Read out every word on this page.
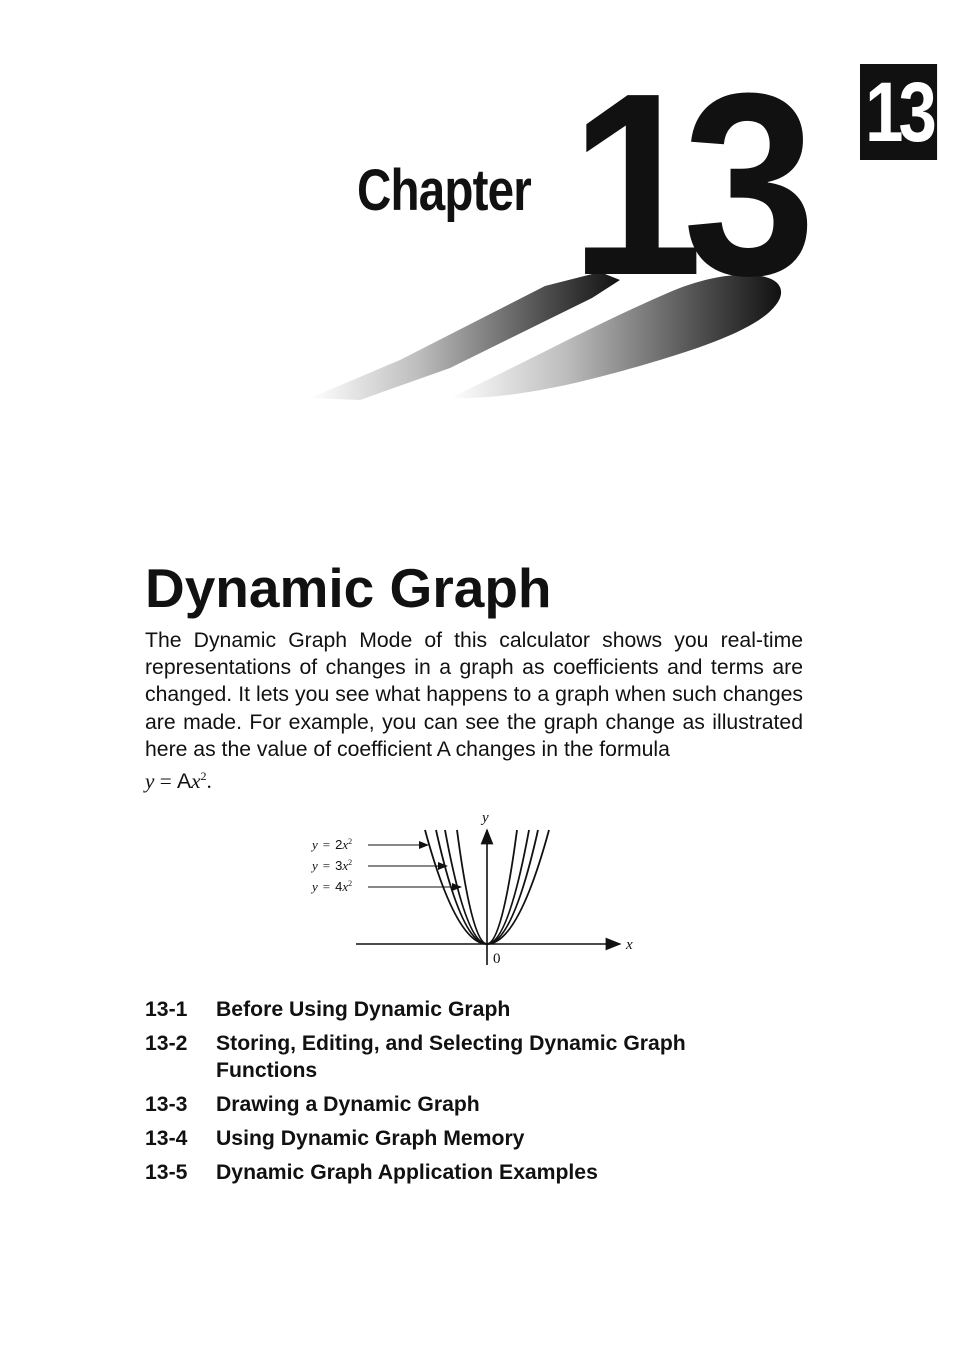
13
13
Chapter
Dynamic Graph

The Dynamic Graph Mode of this calculator shows you real-time representations of changes in a graph as coefficients and terms are changed. It lets you see what happens to a graph when such changes are made. For example, you can see the graph change as illustrated here as the value of coefficient A changes in the formula
$y = Ax^2$.

y
x
0
$y = 2x^2$
$y = 3x^2$
$y = 4x^2$
13-1	Before Using Dynamic Graph
13-2	Storing, Editing, and Selecting Dynamic Graph Functions
13-3	Drawing a Dynamic Graph
13-4	Using Dynamic Graph Memory
13-5	Dynamic Graph Application Examples
